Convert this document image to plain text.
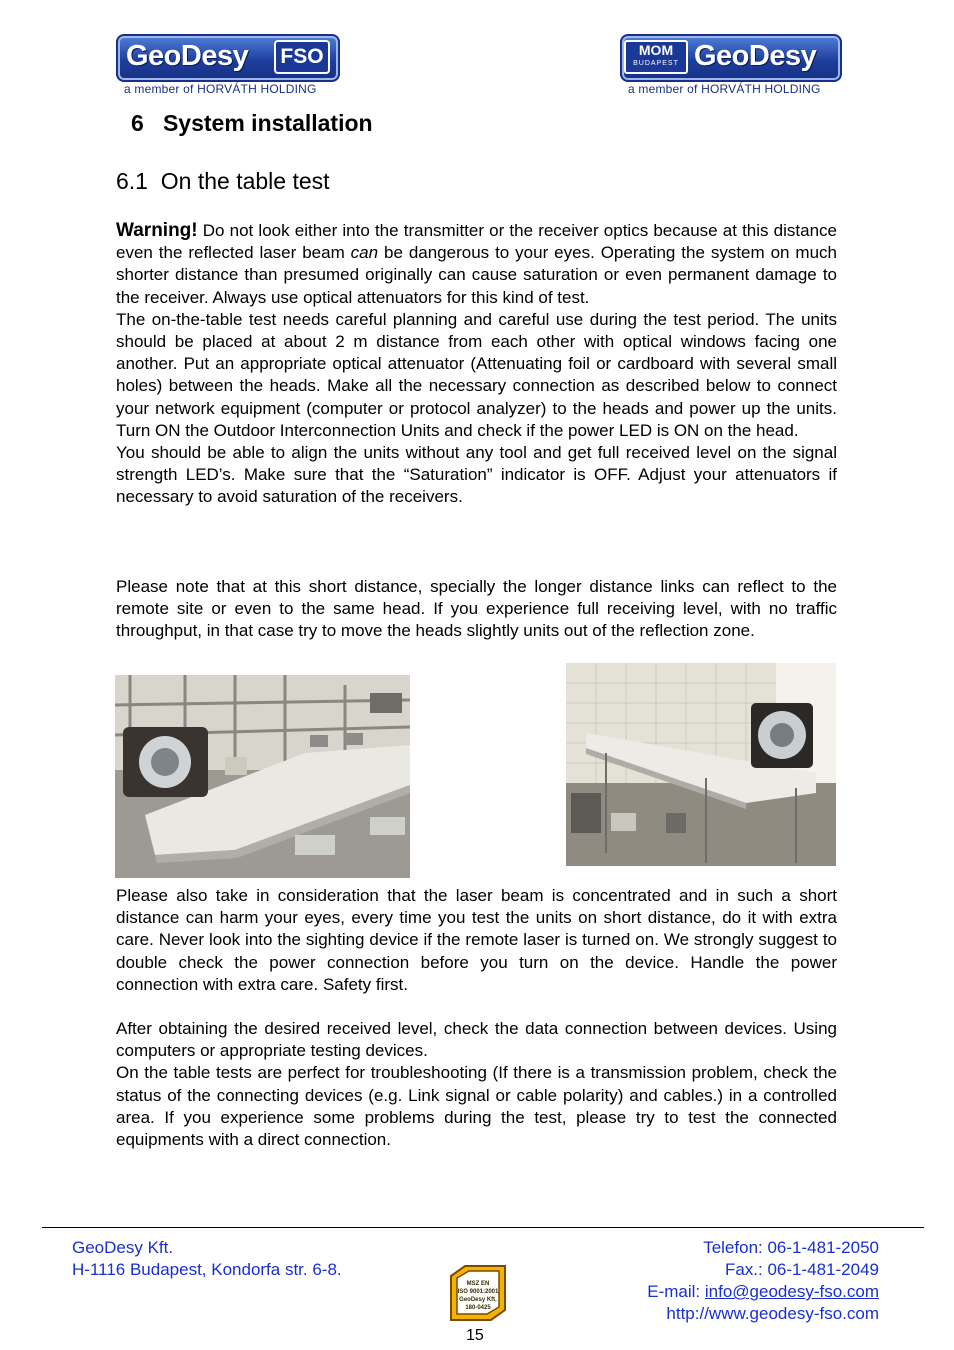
GeoDesy	FSO
a member of HORVÁTH HOLDING
MOM
BUDAPEST GeoDesy
a member of HORVÁTH HOLDING
6   System installation
6.1  On the table test

Warning! Do not look either into the transmitter or the receiver optics because at this distance even the reflected laser beam can be dangerous to your eyes. Operating the system on much shorter distance than presumed originally can cause saturation or even permanent damage to the receiver. Always use optical attenuators for this kind of test.

The on-the-table test needs careful planning and careful use during the test period. The units should be placed at about 2 m distance from each other with optical windows facing one another. Put an appropriate optical attenuator (Attenuating foil or cardboard with several small holes) between the heads. Make all the necessary connection as described below to connect your network equipment (computer or protocol analyzer) to the heads and power up the units. Turn ON the Outdoor Interconnection Units and check if the power LED is ON on the head.

You should be able to align the units without any tool and get full received level on the signal strength LED’s. Make sure that the “Saturation” indicator is OFF. Adjust your attenuators if necessary to avoid saturation of the receivers.

Please note that at this short distance, specially the longer distance links can reflect to the remote site or even to the same head. If you experience full receiving level, with no traffic throughput, in that case try to move the heads slightly units out of the reflection zone.
Please also take in consideration that the laser beam is concentrated and in such a short distance can harm your eyes, every time you test the units on short distance, do it with extra care. Never look into the sighting device if the remote laser is turned on. We strongly suggest to double check the power connection before you turn on the device. Handle the power connection with extra care. Safety first.

After obtaining the desired received level, check the data connection between devices. Using computers or appropriate testing devices.

On the table tests are perfect for troubleshooting (If there is a transmission problem, check the status of the connecting devices (e.g. Link signal or cable polarity) and cables.) in a controlled area. If you experience some problems during the test, please try to test the connected equipments with a direct connection.

GeoDesy Kft.
H-1116 Budapest, Kondorfa str. 6-8.
Telefon: 06-1-481-2050
Fax.: 06-1-481-2049
E-mail: info@geodesy-fso.com
http://www.geodesy-fso.com
MSZ EN
ISO 9001:2001
GeoDesy Kft.
180-0425
15
